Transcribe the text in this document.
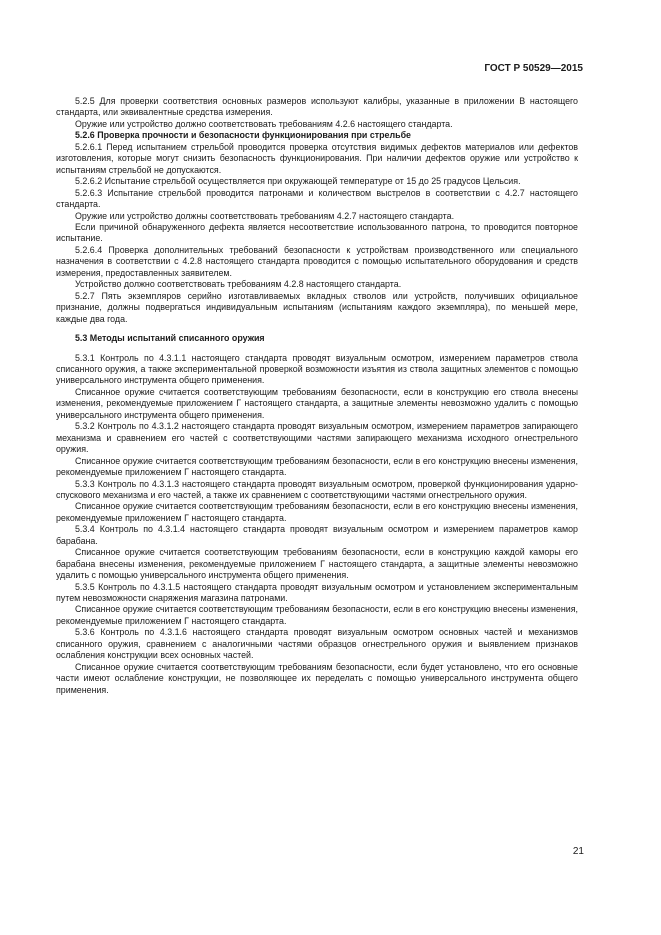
ГОСТ Р 50529—2015

5.2.5 Для проверки соответствия основных размеров используют калибры, указанные в приложении В настоящего стандарта, или эквивалентные средства измерения.

Оружие или устройство должно соответствовать требованиям 4.2.6 настоящего стандарта.

5.2.6 Проверка прочности и безопасности функционирования при стрельбе

5.2.6.1 Перед испытанием стрельбой проводится проверка отсутствия видимых дефектов материалов или дефектов изготовления, которые могут снизить безопасность функционирования. При наличии дефектов оружие или устройство к испытаниям стрельбой не допускаются.

5.2.6.2 Испытание стрельбой осуществляется при окружающей температуре от 15 до 25 градусов Цельсия.

5.2.6.3 Испытание стрельбой проводится патронами и количеством выстрелов в соответствии с 4.2.7 настоящего стандарта.

Оружие или устройство должны соответствовать требованиям 4.2.7 настоящего стандарта.

Если причиной обнаруженного дефекта является несоответствие использованного патрона, то проводится повторное испытание.

5.2.6.4 Проверка дополнительных требований безопасности к устройствам производственного или специального назначения в соответствии с 4.2.8 настоящего стандарта проводится с помощью испытательного оборудования и средств измерения, предоставленных заявителем.

Устройство должно соответствовать требованиям 4.2.8 настоящего стандарта.

5.2.7 Пять экземпляров серийно изготавливаемых вкладных стволов или устройств, получивших официальное признание, должны подвергаться индивидуальным испытаниям (испытаниям каждого экземпляра), по меньшей мере, каждые два года.

5.3 Методы испытаний списанного оружия

5.3.1 Контроль по 4.3.1.1 настоящего стандарта проводят визуальным осмотром, измерением параметров ствола списанного оружия, а также экспериментальной проверкой возможности изъятия из ствола защитных элементов с помощью универсального инструмента общего применения.

Списанное оружие считается соответствующим требованиям безопасности, если в конструкцию его ствола внесены изменения, рекомендуемые приложением Г настоящего стандарта, а защитные элементы невозможно удалить с помощью универсального инструмента общего применения.

5.3.2 Контроль по 4.3.1.2 настоящего стандарта проводят визуальным осмотром, измерением параметров запирающего механизма и сравнением его частей с соответствующими частями запирающего механизма исходного огнестрельного оружия.

Списанное оружие считается соответствующим требованиям безопасности, если в его конструкцию внесены изменения, рекомендуемые приложением Г настоящего стандарта.

5.3.3 Контроль по 4.3.1.3 настоящего стандарта проводят визуальным осмотром, проверкой функционирования ударно-спускового механизма и его частей, а также их сравнением с соответствующими частями огнестрельного оружия.

Списанное оружие считается соответствующим требованиям безопасности, если в его конструкцию внесены изменения, рекомендуемые приложением Г настоящего стандарта.

5.3.4 Контроль по 4.3.1.4 настоящего стандарта проводят визуальным осмотром и измерением параметров камор барабана.

Списанное оружие считается соответствующим требованиям безопасности, если в конструкцию каждой каморы его барабана внесены изменения, рекомендуемые приложением Г настоящего стандарта, а защитные элементы невозможно удалить с помощью универсального инструмента общего применения.

5.3.5 Контроль по 4.3.1.5 настоящего стандарта проводят визуальным осмотром и установлением экспериментальным путем невозможности снаряжения магазина патронами.

Списанное оружие считается соответствующим требованиям безопасности, если в его конструкцию внесены изменения, рекомендуемые приложением Г настоящего стандарта.

5.3.6 Контроль по 4.3.1.6 настоящего стандарта проводят визуальным осмотром основных частей и механизмов списанного оружия, сравнением с аналогичными частями образцов огнестрельного оружия и выявлением признаков ослабления конструкции всех основных частей.

Списанное оружие считается соответствующим требованиям безопасности, если будет установлено, что его основные части имеют ослабление конструкции, не позволяющее их переделать с помощью универсального инструмента общего применения.

21
